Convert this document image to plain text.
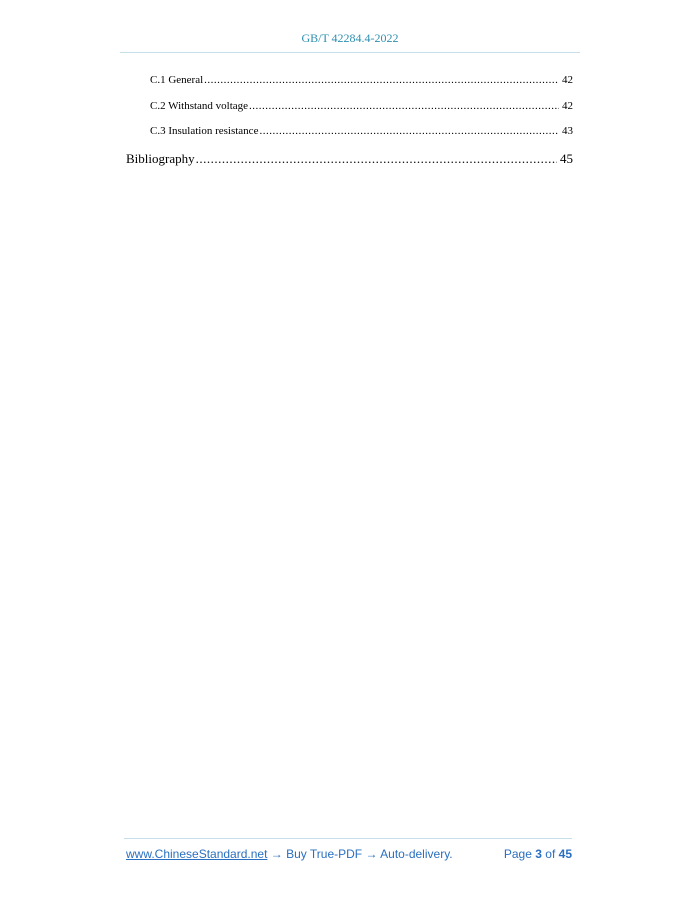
GB/T 42284.4-2022
C.1 General .....	42
C.2 Withstand voltage .....	42
C.3 Insulation resistance .....	43
Bibliography .....	45
www.ChineseStandard.net → Buy True-PDF → Auto-delivery.	Page 3 of 45
